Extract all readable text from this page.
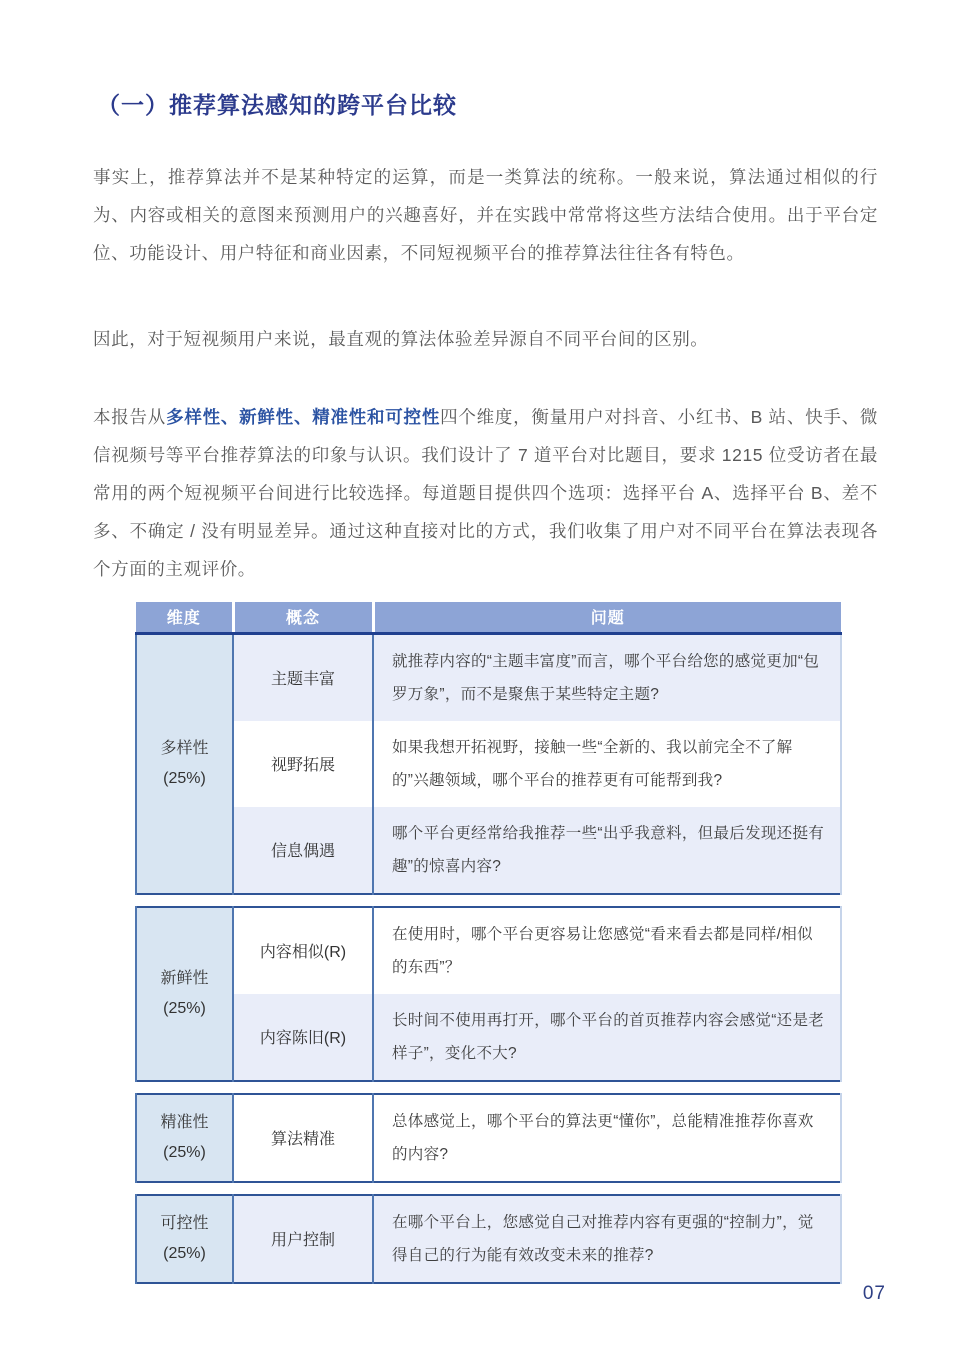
（一）推荐算法感知的跨平台比较

事实上，推荐算法并不是某种特定的运算，而是一类算法的统称。一般来说，算法通过相似的行为、内容或相关的意图来预测用户的兴趣喜好，并在实践中常常将这些方法结合使用。出于平台定位、功能设计、用户特征和商业因素，不同短视频平台的推荐算法往往各有特色。

因此，对于短视频用户来说，最直观的算法体验差异源自不同平台间的区别。

本报告从多样性、新鲜性、精准性和可控性四个维度，衡量用户对抖音、小红书、B 站、快手、微信视频号等平台推荐算法的印象与认识。我们设计了 7 道平台对比题目，要求 1215 位受访者在最常用的两个短视频平台间进行比较选择。每道题目提供四个选项：选择平台 A、选择平台 B、差不多、不确定 / 没有明显差异。通过这种直接对比的方式，我们收集了用户对不同平台在算法表现各个方面的主观评价。

维度	概念	问题

多样性
(25%)	主题丰富	就推荐内容的“主题丰富度”而言，哪个平台给您的感觉更加“包罗万象”，而不是聚焦于某些特定主题?
	视野拓展	如果我想开拓视野，接触一些“全新的、我以前完全不了解的”兴趣领域，哪个平台的推荐更有可能帮到我?
	信息偶遇	哪个平台更经常给我推荐一些“出乎我意料，但最后发现还挺有趣”的惊喜内容?

新鲜性
(25%)	内容相似(R)	在使用时，哪个平台更容易让您感觉“看来看去都是同样/相似的东西”？
	内容陈旧(R)	长时间不使用再打开，哪个平台的首页推荐内容会感觉“还是老样子”，变化不大?

精准性
(25%)	算法精准	总体感觉上，哪个平台的算法更“懂你”，总能精准推荐你喜欢的内容?

可控性
(25%)	用户控制	在哪个平台上，您感觉自己对推荐内容有更强的“控制力”，觉得自己的行为能有效改变未来的推荐?
07
